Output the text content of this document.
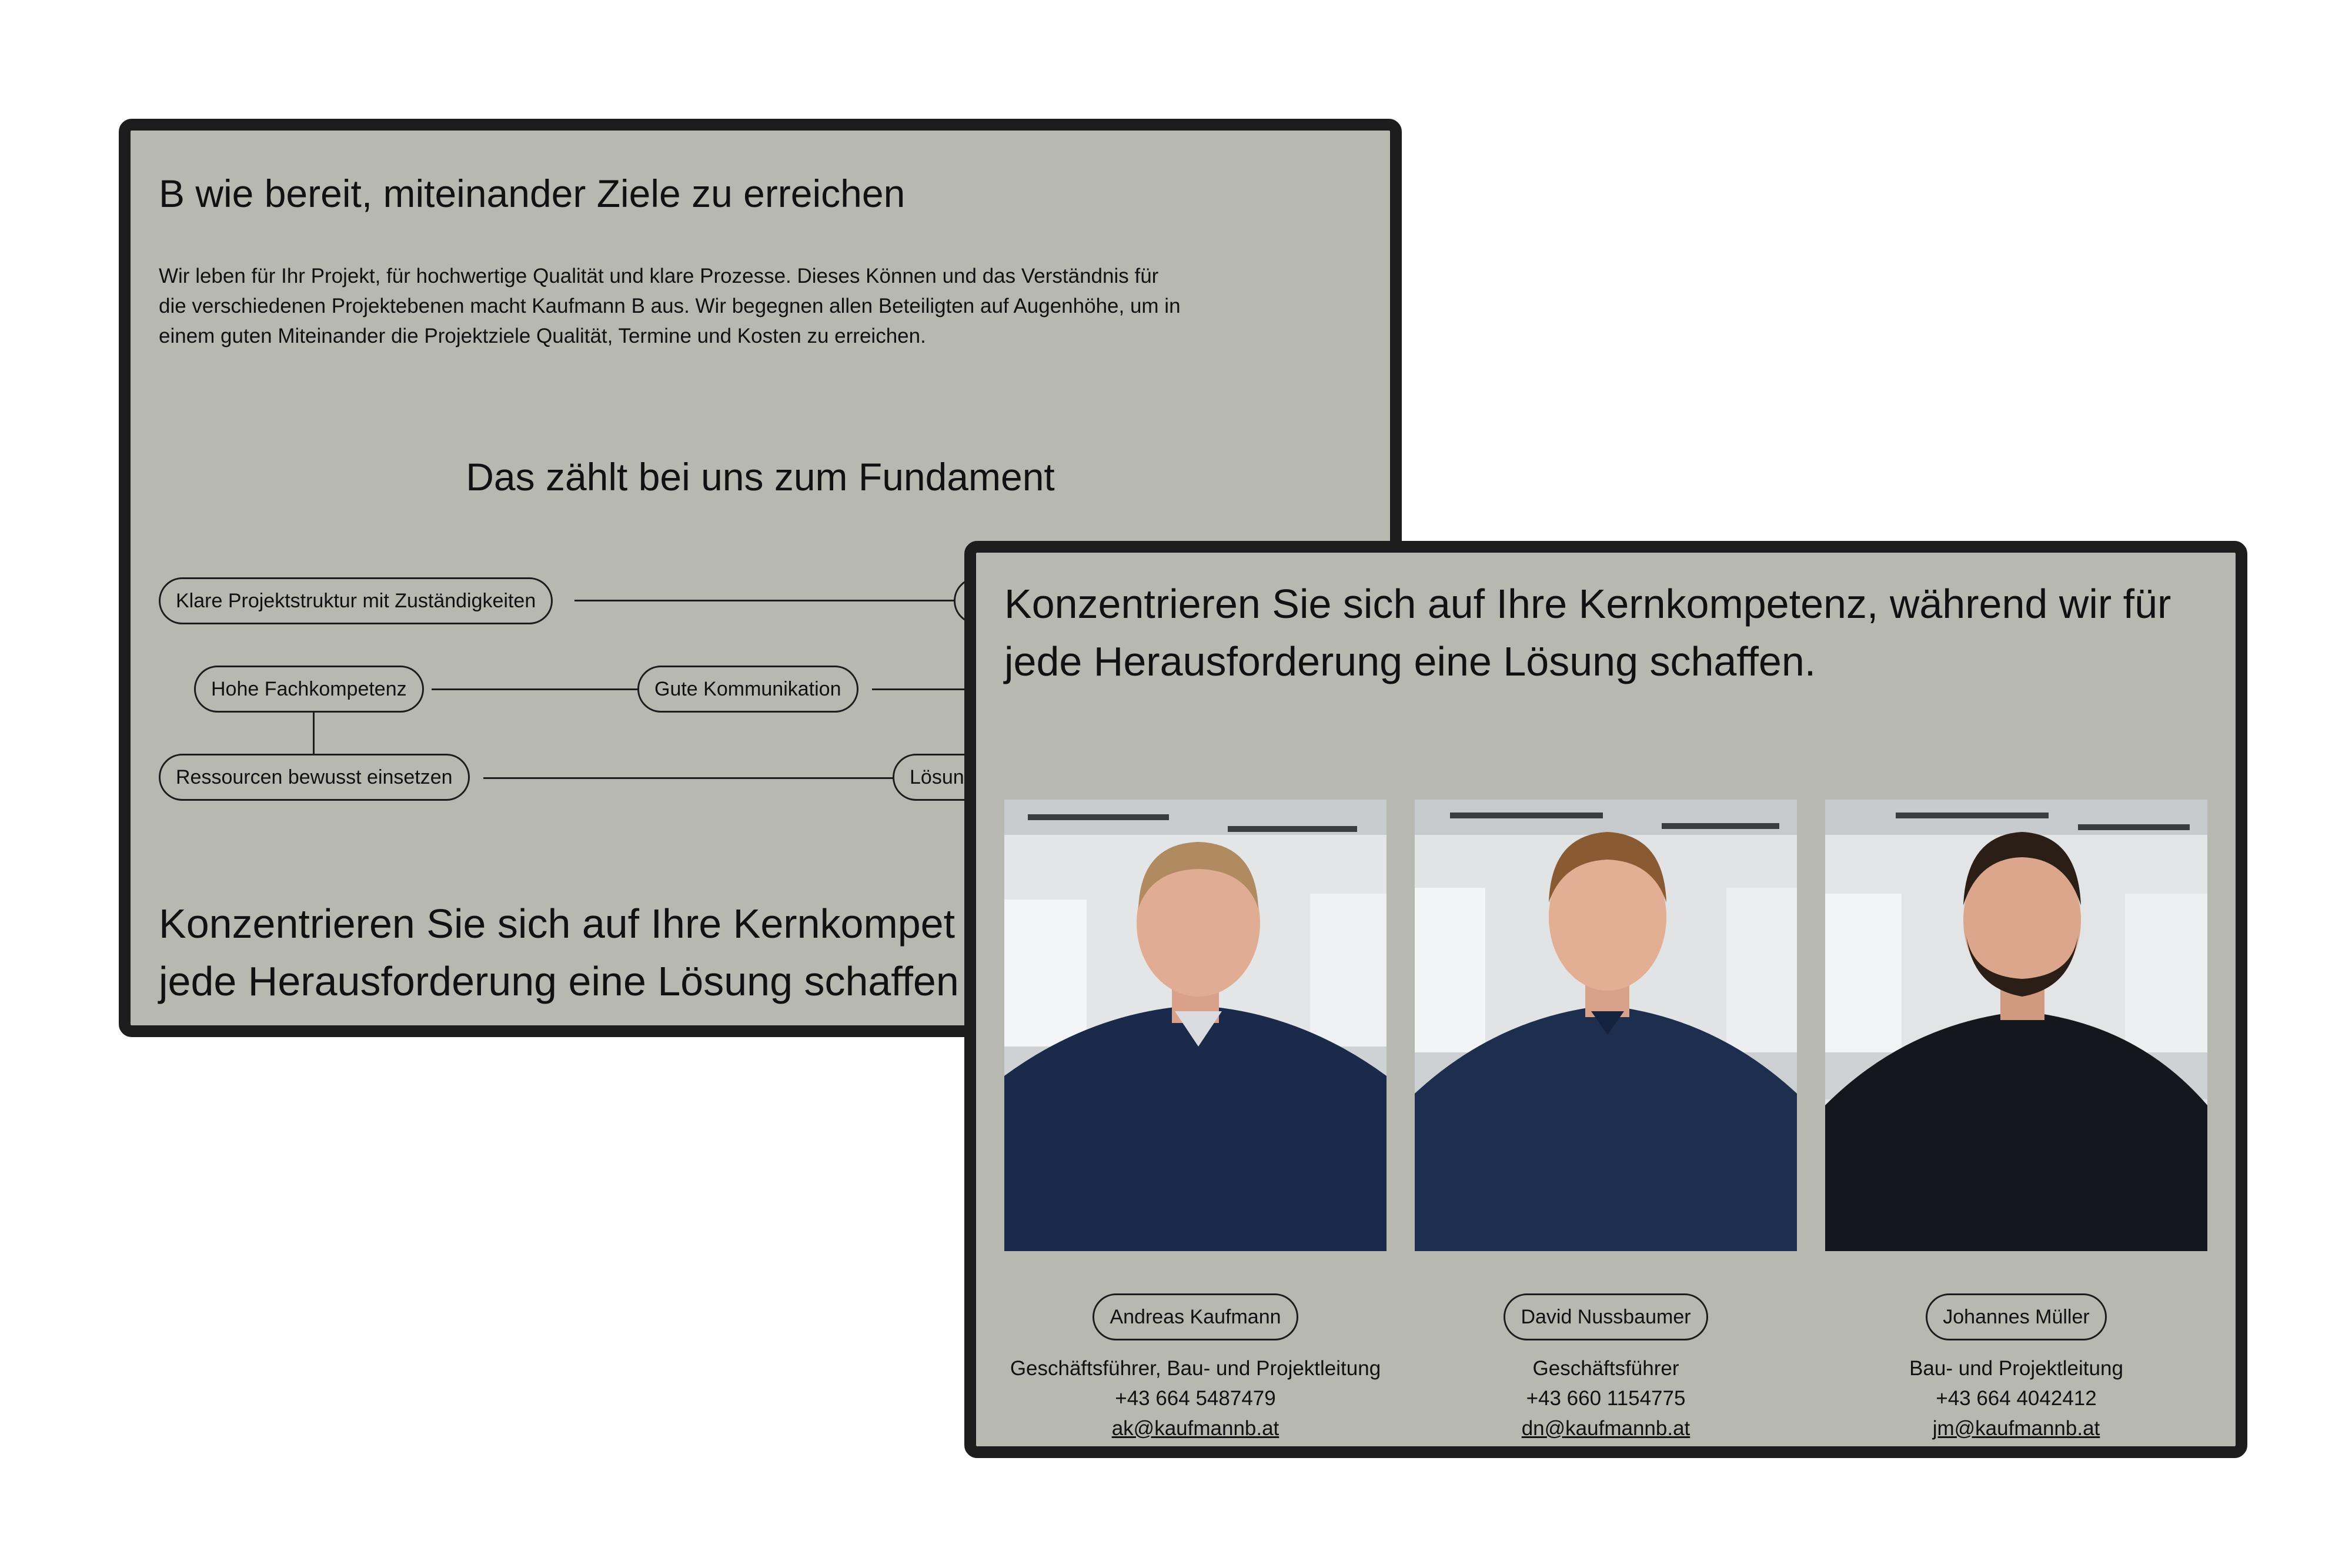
B wie bereit, miteinander Ziele zu erreichen
Wir leben für Ihr Projekt, für hochwertige Qualität und klare Prozesse. Dieses Können und das Verständnis für
die verschiedenen Projektebenen macht Kaufmann B aus. Wir begegnen allen Beteiligten auf Augenhöhe, um in
einem guten Miteinander die Projektziele Qualität, Termine und Kosten zu erreichen.
Das zählt bei uns zum Fundament
Klare Projektstruktur mit Zuständigkeiten
Hohe Fachkompetenz	Gute Kommunikation
Ressourcen bewusst einsetzen	Lösun
Konzentrieren Sie sich auf Ihre Kernkompet
jede Herausforderung eine Lösung schaffen
Konzentrieren Sie sich auf Ihre Kernkompetenz, während wir für
jede Herausforderung eine Lösung schaffen.
Andreas Kaufmann
Geschäftsführer, Bau- und Projektleitung
+43 664 5487479
ak@kaufmannb.at
David Nussbaumer
Geschäftsführer
+43 660 1154775
dn@kaufmannb.at
Johannes Müller
Bau- und Projektleitung
+43 664 4042412
jm@kaufmannb.at
